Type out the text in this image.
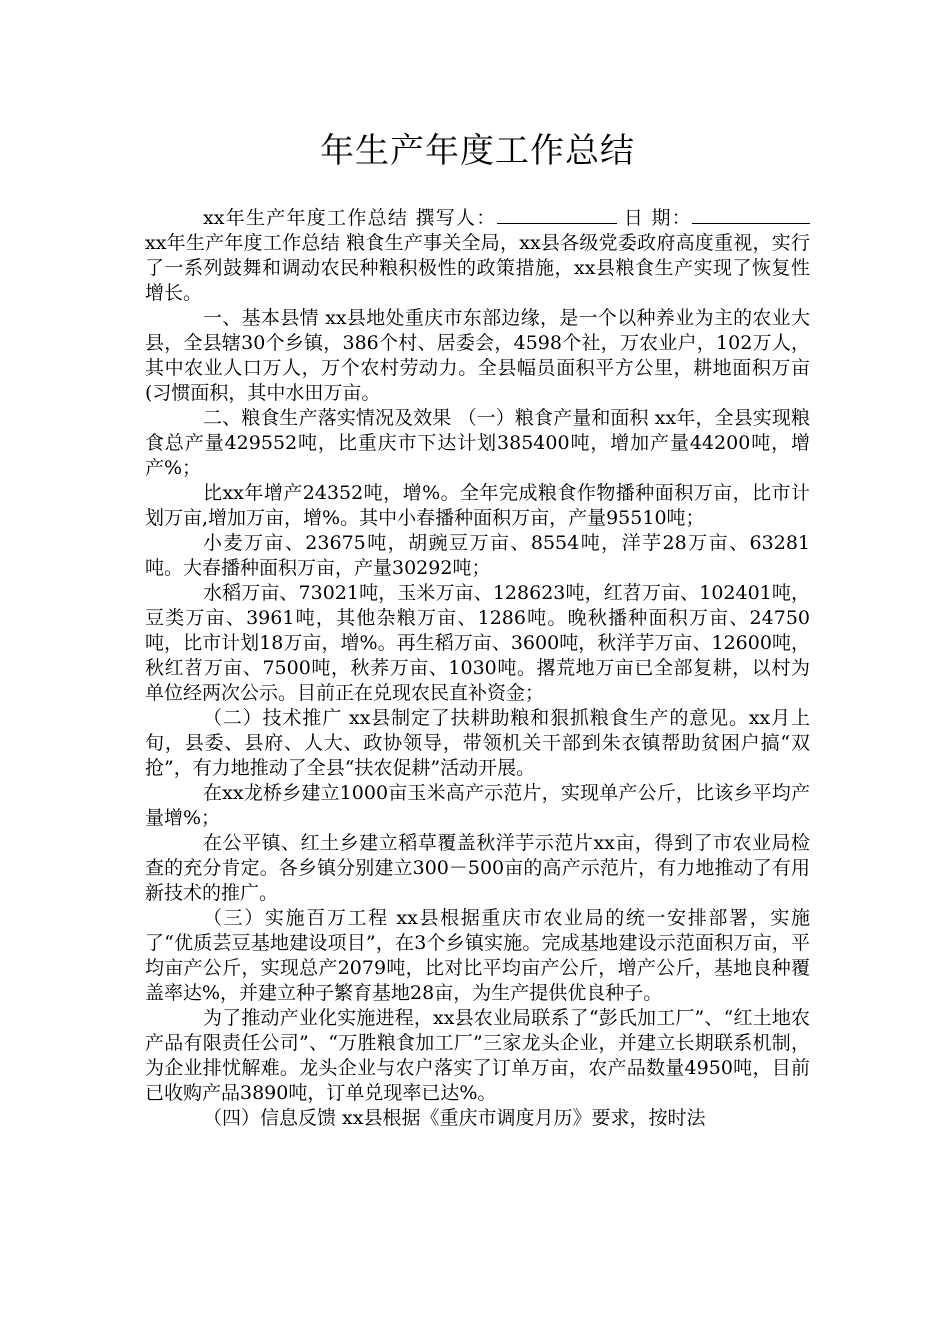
年生产年度工作总结

xx年生产年度工作总结 撰写人：	日 期： xx年生产年度工作总结 粮食生产事关全局，xx县各级党委政府高度重视，实行了一系列鼓舞和调动农民种粮积极性的政策措施，xx县粮食生产实现了恢复性增长。

一、基本县情 xx县地处重庆市东部边缘，是一个以种养业为主的农业大县，全县辖30个乡镇，386个村、居委会，4598个社，万农业户，102万人，其中农业人口万人，万个农村劳动力。全县幅员面积平方公里，耕地面积万亩(习惯面积，其中水田万亩。

二、粮食生产落实情况及效果 （一）粮食产量和面积 xx年，全县实现粮食总产量429552吨，比重庆市下达计划385400吨，增加产量44200吨，增产%；

比xx年增产24352吨，增%。全年完成粮食作物播种面积万亩，比市计划万亩,增加万亩，增%。其中小春播种面积万亩，产量95510吨；

小麦万亩、23675吨，胡豌豆万亩、8554吨，洋芋28万亩、63281吨。大春播种面积万亩，产量30292吨；

水稻万亩、73021吨，玉米万亩、128623吨，红苕万亩、102401吨，豆类万亩、3961吨，其他杂粮万亩、1286吨。晚秋播种面积万亩、24750吨，比市计划18万亩，增%。再生稻万亩、3600吨，秋洋芋万亩、12600吨，秋红苕万亩、7500吨，秋荞万亩、1030吨。撂荒地万亩已全部复耕，以村为单位经两次公示。目前正在兑现农民直补资金；

（二）技术推广 xx县制定了扶耕助粮和狠抓粮食生产的意见。xx月上旬，县委、县府、人大、政协领导，带领机关干部到朱衣镇帮助贫困户搞“双抢”，有力地推动了全县“扶农促耕”活动开展。

在xx龙桥乡建立1000亩玉米高产示范片，实现单产公斤，比该乡平均产量增%；

在公平镇、红土乡建立稻草覆盖秋洋芋示范片xx亩，得到了市农业局检查的充分肯定。各乡镇分别建立300－500亩的高产示范片，有力地推动了有用新技术的推广。

（三）实施百万工程 xx县根据重庆市农业局的统一安排部署，实施了“优质芸豆基地建设项目”，在3个乡镇实施。完成基地建设示范面积万亩，平均亩产公斤，实现总产2079吨，比对比平均亩产公斤，增产公斤，基地良种覆盖率达%，并建立种子繁育基地28亩，为生产提供优良种子。

为了推动产业化实施进程，xx县农业局联系了“彭氏加工厂”、“红土地农产品有限责任公司”、“万胜粮食加工厂”三家龙头企业，并建立长期联系机制，为企业排忧解难。龙头企业与农户落实了订单万亩，农产品数量4950吨，目前已收购产品3890吨，订单兑现率已达%。

（四）信息反馈 xx县根据《重庆市调度月历》要求，按时法
